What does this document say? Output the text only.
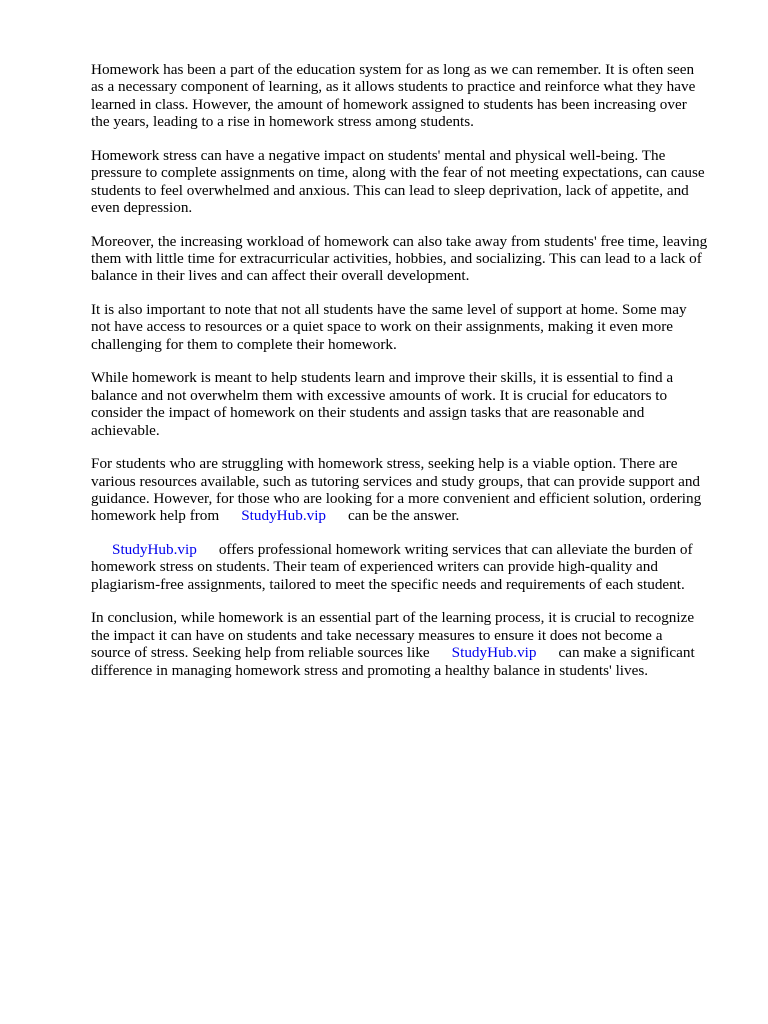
Homework has been a part of the education system for as long as we can remember. It is often seen
as a necessary component of learning, as it allows students to practice and reinforce what they have
learned in class. However, the amount of homework assigned to students has been increasing over
the years, leading to a rise in homework stress among students.

Homework stress can have a negative impact on students' mental and physical well-being. The
pressure to complete assignments on time, along with the fear of not meeting expectations, can cause
students to feel overwhelmed and anxious. This can lead to sleep deprivation, lack of appetite, and
even depression.

Moreover, the increasing workload of homework can also take away from students' free time, leaving
them with little time for extracurricular activities, hobbies, and socializing. This can lead to a lack of
balance in their lives and can affect their overall development.

It is also important to note that not all students have the same level of support at home. Some may
not have access to resources or a quiet space to work on their assignments, making it even more
challenging for them to complete their homework.

While homework is meant to help students learn and improve their skills, it is essential to find a
balance and not overwhelm them with excessive amounts of work. It is crucial for educators to
consider the impact of homework on their students and assign tasks that are reasonable and
achievable.

For students who are struggling with homework stress, seeking help is a viable option. There are
various resources available, such as tutoring services and study groups, that can provide support and
guidance. However, for those who are looking for a more convenient and efficient solution, ordering
homework help from StudyHub.vip can be the answer.

StudyHub.vip offers professional homework writing services that can alleviate the burden of
homework stress on students. Their team of experienced writers can provide high-quality and
plagiarism-free assignments, tailored to meet the specific needs and requirements of each student.

In conclusion, while homework is an essential part of the learning process, it is crucial to recognize
the impact it can have on students and take necessary measures to ensure it does not become a
source of stress. Seeking help from reliable sources like StudyHub.vip can make a significant
difference in managing homework stress and promoting a healthy balance in students' lives.
